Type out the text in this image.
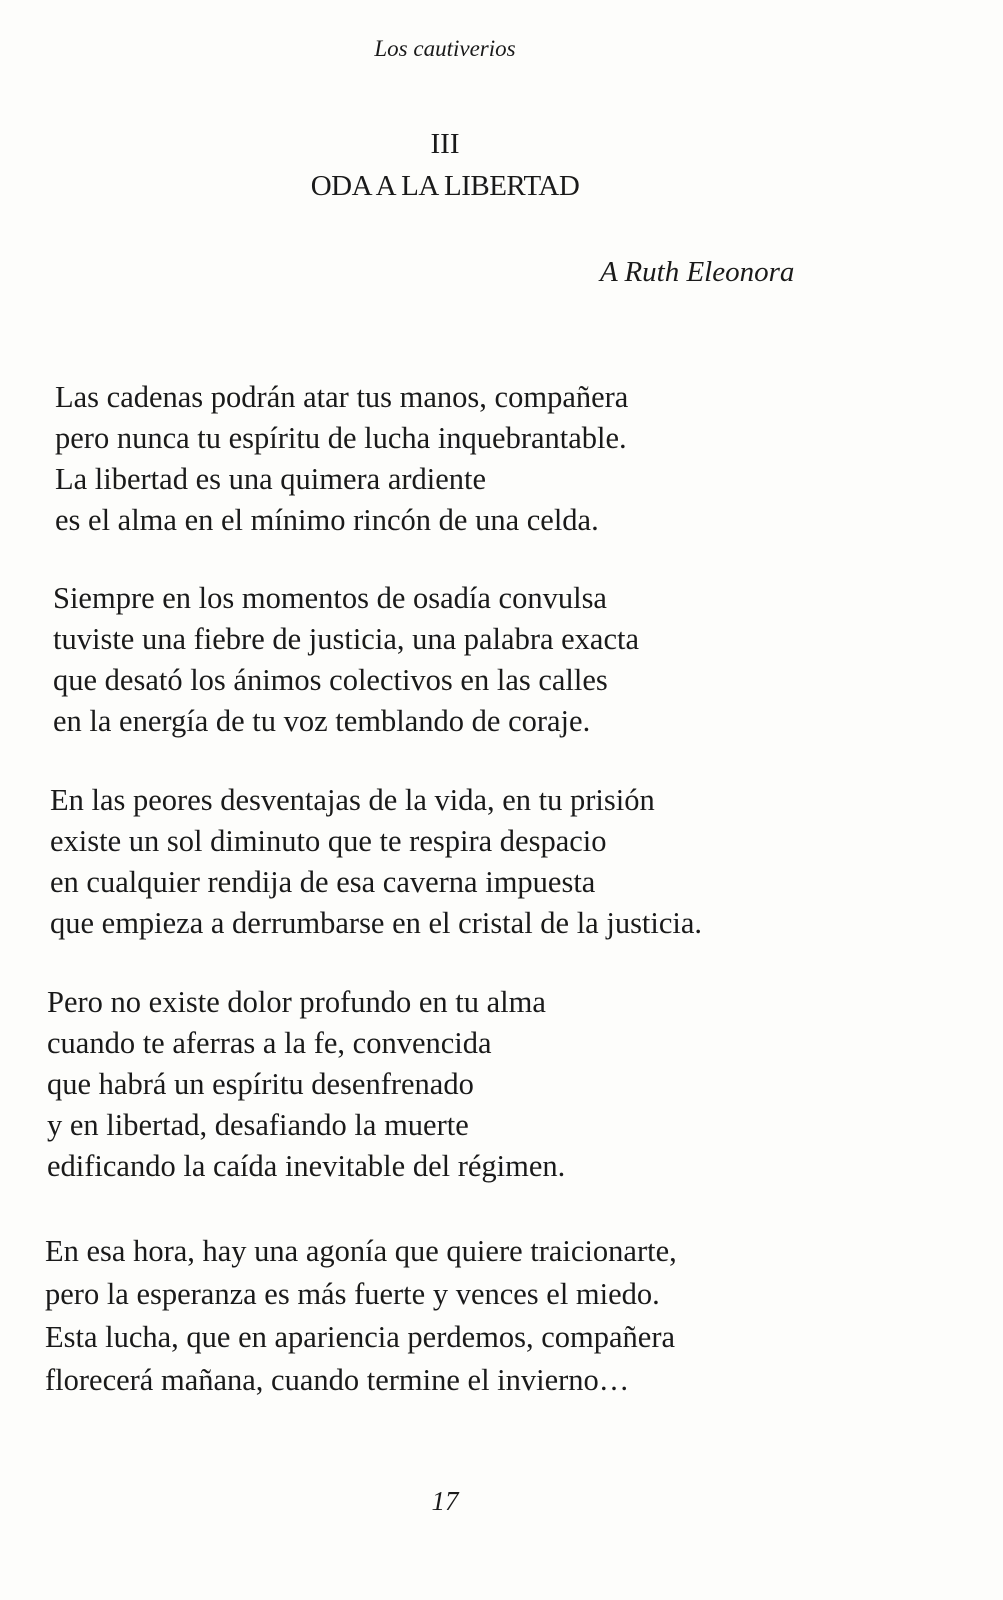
Los cautiverios
III
ODA A LA LIBERTAD
A Ruth Eleonora
Las cadenas podrán atar tus manos, compañera
pero nunca tu espíritu de lucha inquebrantable.
La libertad es una quimera ardiente
es el alma en el mínimo rincón de una celda.
Siempre en los momentos de osadía convulsa
tuviste una fiebre de justicia, una palabra exacta
que desató los ánimos colectivos en las calles
en la energía de tu voz temblando de coraje.
En las peores desventajas de la vida, en tu prisión
existe un sol diminuto que te respira despacio
en cualquier rendija de esa caverna impuesta
que empieza a derrumbarse en el cristal de la justicia.
Pero no existe dolor profundo en tu alma
cuando te aferras a la fe, convencida
que habrá un espíritu desenfrenado
y en libertad, desafiando la muerte
edificando la caída inevitable del régimen.
En esa hora, hay una agonía que quiere traicionarte,
pero la esperanza es más fuerte y vences el miedo.
Esta lucha, que en apariencia perdemos, compañera
florecerá mañana, cuando termine el invierno…
17
